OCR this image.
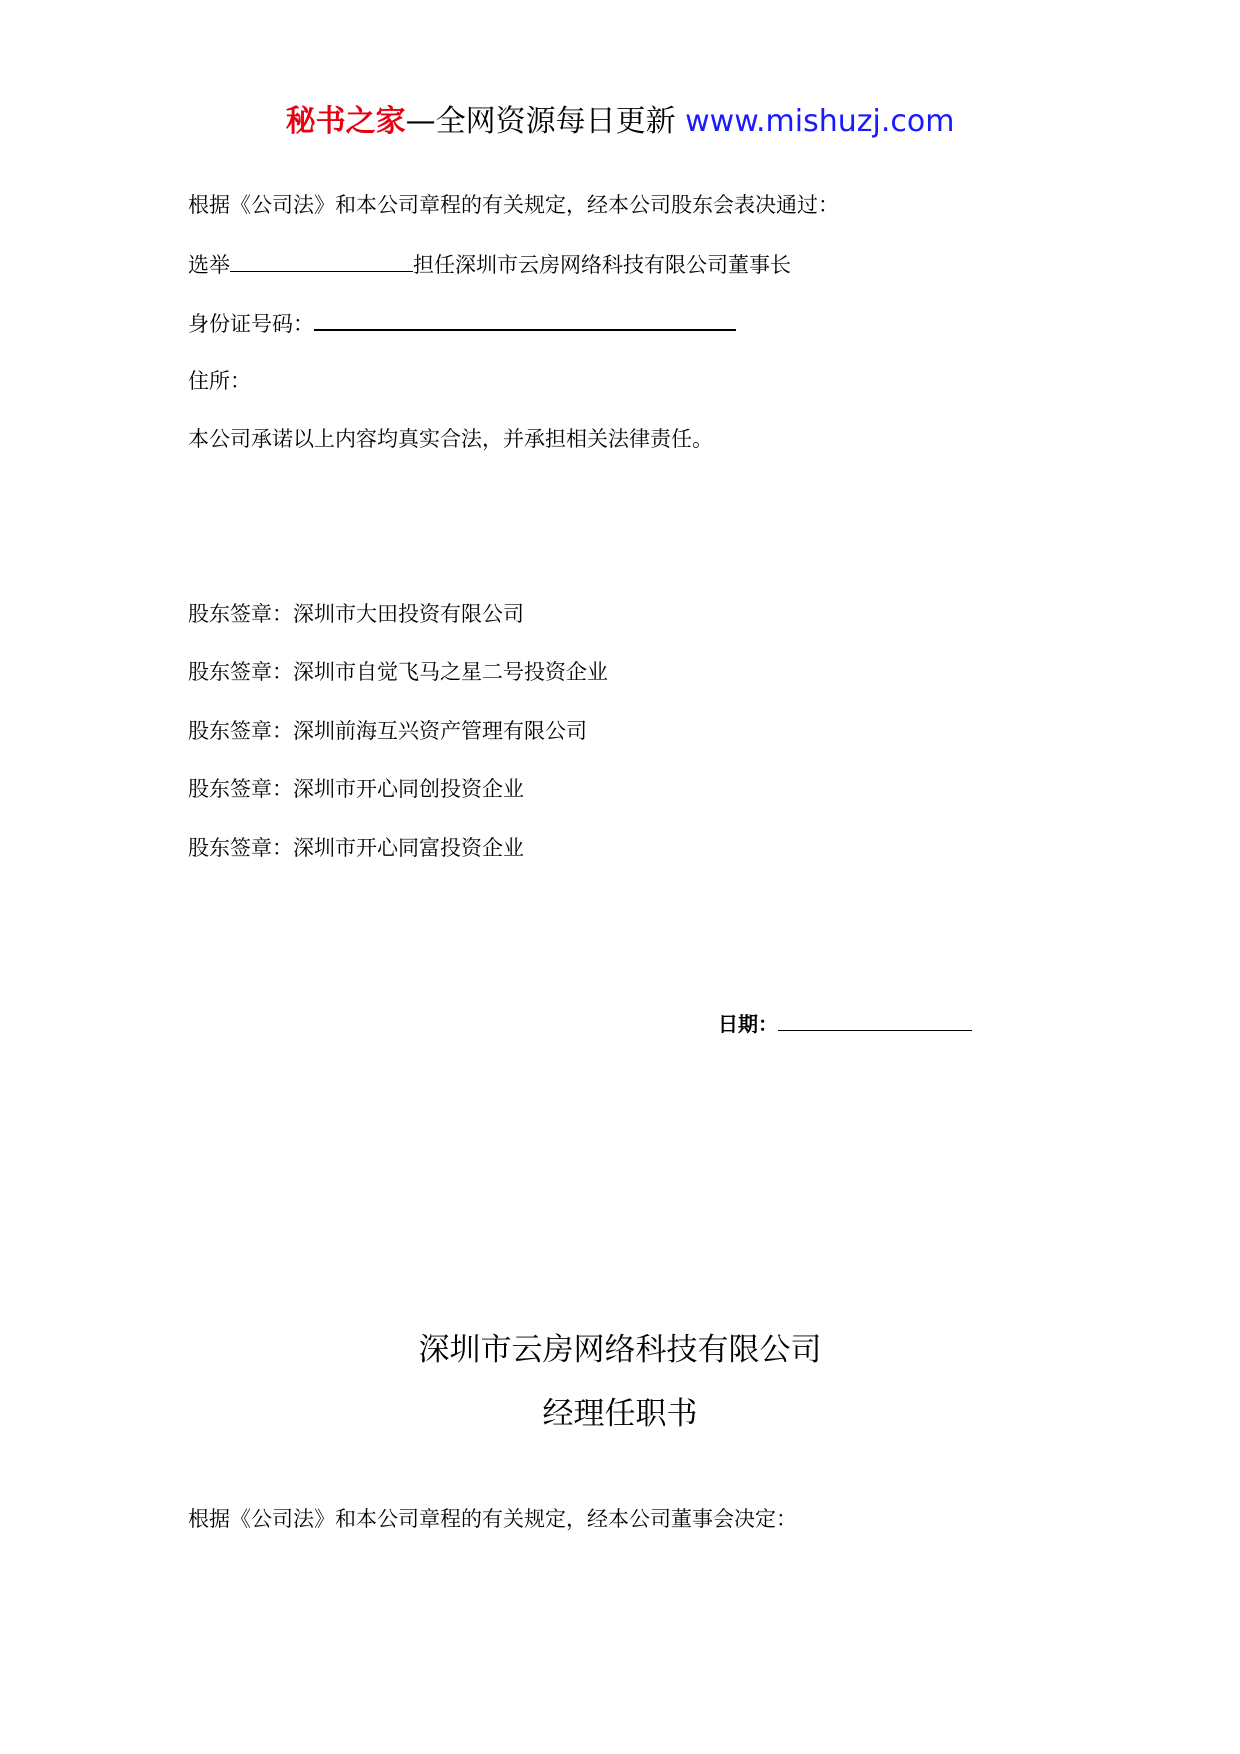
秘书之家—全网资源每日更新 www.mishuzj.com
根据《公司法》和本公司章程的有关规定，经本公司股东会表决通过：
选举	担任深圳市云房网络科技有限公司董事长
身份证号码：
住所：
本公司承诺以上内容均真实合法，并承担相关法律责任。
股东签章：深圳市大田投资有限公司
股东签章：深圳市自觉飞马之星二号投资企业
股东签章：深圳前海互兴资产管理有限公司
股东签章：深圳市开心同创投资企业
股东签章：深圳市开心同富投资企业
日期：
深圳市云房网络科技有限公司
经理任职书
根据《公司法》和本公司章程的有关规定，经本公司董事会决定：
